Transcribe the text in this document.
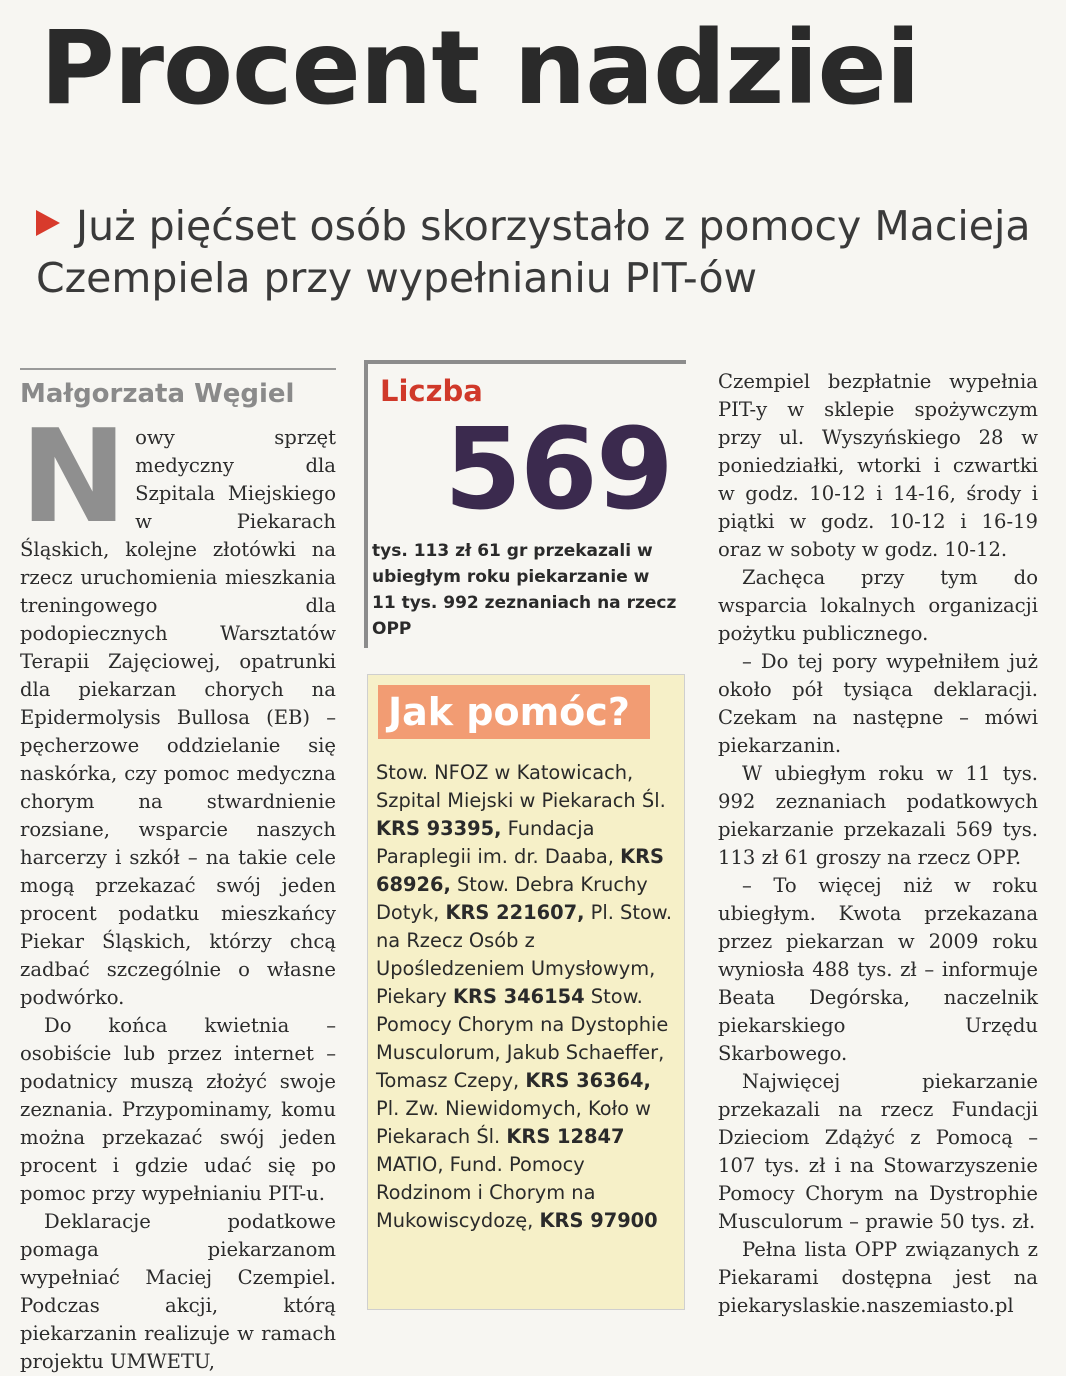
Procent nadziei
Już pięćset osób skorzystało z pomocy Macieja Czempiela przy wypełnianiu PIT-ów
Małgorzata Węgiel

Nowy sprzęt medyczny dla Szpitala Miejskiego w Piekarach Śląskich, kolejne złotówki na rzecz uruchomienia mieszkania treningowego dla podopiecznych Warsztatów Terapii Zajęciowej, opatrunki dla piekarzan chorych na Epidermolysis Bullosa (EB) – pęcherzowe oddzielanie się naskórka, czy pomoc medyczna chorym na stwardnienie rozsiane, wsparcie naszych harcerzy i szkół – na takie cele mogą przekazać swój jeden procent podatku mieszkańcy Piekar Śląskich, którzy chcą zadbać szczególnie o własne podwórko.

Do końca kwietnia – osobiście lub przez internet – podatnicy muszą złożyć swoje zeznania. Przypominamy, komu można przekazać swój jeden procent i gdzie udać się po pomoc przy wypełnianiu PIT-u.

Deklaracje podatkowe pomaga piekarzanom wypełniać Maciej Czempiel. Podczas akcji, którą piekarzanin realizuje w ramach projektu UMWETU,

Liczba
569

tys. 113 zł 61 gr przekazali w ubiegłym roku piekarzanie w 11 tys. 992 zeznaniach na rzecz OPP

Jak pomóc?
Stow. NFOZ w Katowicach, Szpital Miejski w Piekarach Śl. KRS 93395, Fundacja Paraplegii im. dr. Daaba, KRS 68926, Stow. Debra Kruchy Dotyk, KRS 221607, Pl. Stow. na Rzecz Osób z Upośledzeniem Umysłowym, Piekary KRS 346154 Stow. Pomocy Chorym na Dystophie Musculorum, Jakub Schaeffer, Tomasz Czepy, KRS 36364, Pl. Zw. Niewidomych, Koło w Piekarach Śl. KRS 12847 MATIO, Fund. Pomocy Rodzinom i Chorym na Mukowiscydozę, KRS 97900

Czempiel bezpłatnie wypełnia PIT-y w sklepie spożywczym przy ul. Wyszyńskiego 28 w poniedziałki, wtorki i czwartki w godz. 10-12 i 14-16, środy i piątki w godz. 10-12 i 16-19 oraz w soboty w godz. 10-12.

Zachęca przy tym do wsparcia lokalnych organizacji pożytku publicznego.

– Do tej pory wypełniłem już około pół tysiąca deklaracji. Czekam na następne – mówi piekarzanin.

W ubiegłym roku w 11 tys. 992 zeznaniach podatkowych piekarzanie przekazali 569 tys. 113 zł 61 groszy na rzecz OPP.

– To więcej niż w roku ubiegłym. Kwota przekazana przez piekarzan w 2009 roku wyniosła 488 tys. zł – informuje Beata Degórska, naczelnik piekarskiego Urzędu Skarbowego.

Najwięcej piekarzanie przekazali na rzecz Fundacji Dzieciom Zdążyć z Pomocą – 107 tys. zł i na Stowarzyszenie Pomocy Chorym na Dystrophie Musculorum – prawie 50 tys. zł.

Pełna lista OPP związanych z Piekarami dostępna jest na piekaryslaskie.naszemiasto.pl
